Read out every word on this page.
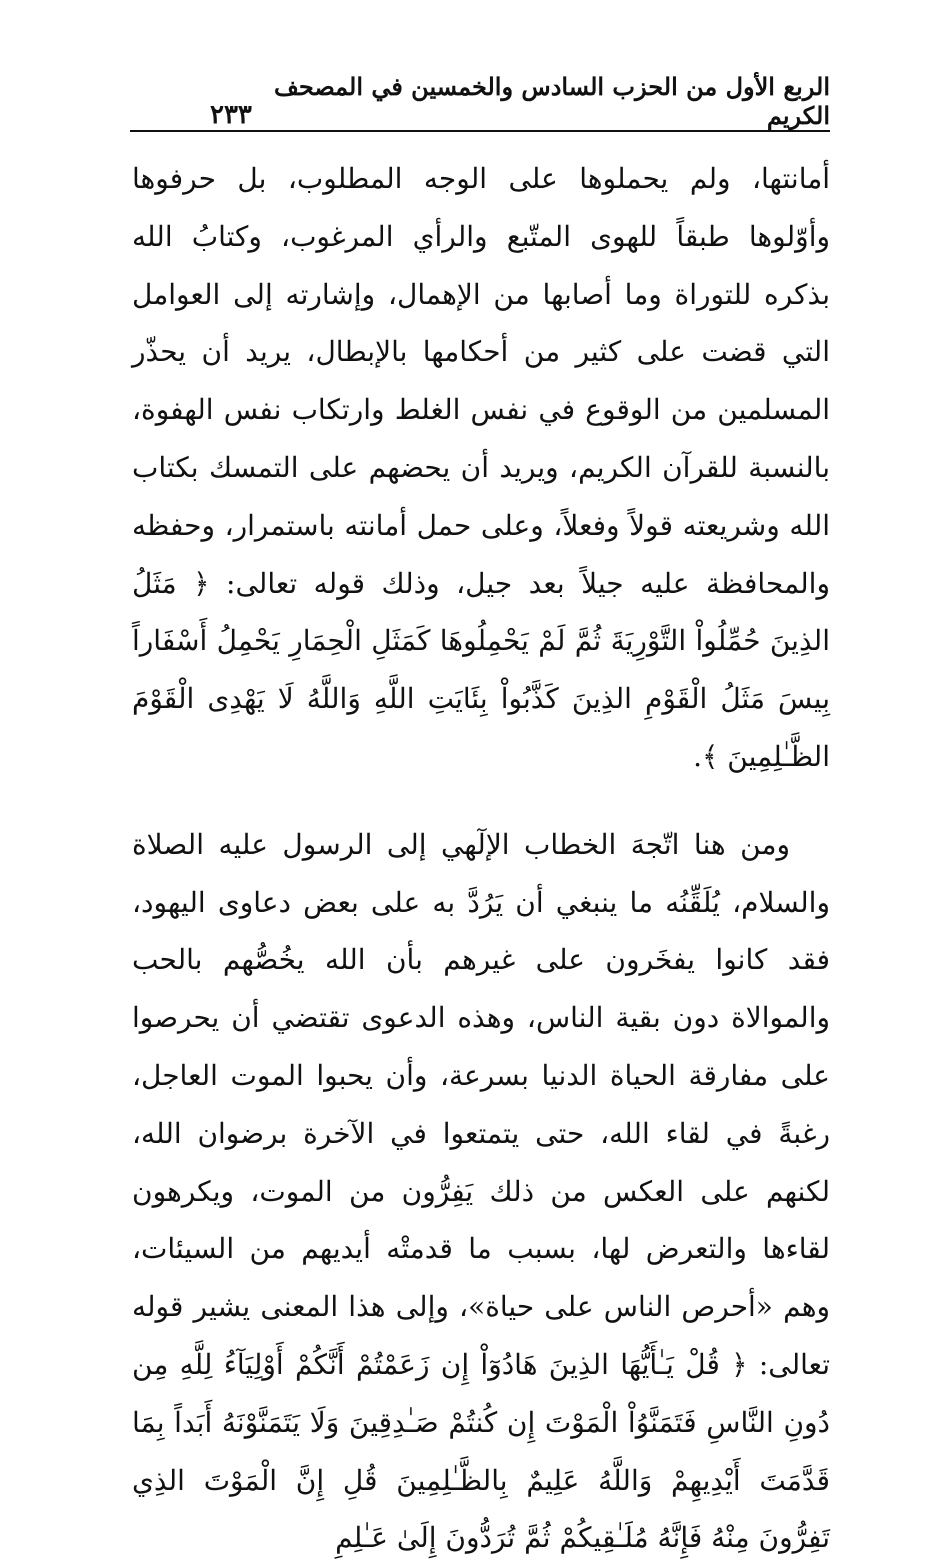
الربع الأول من الحزب السادس والخمسين في المصحف الكريم
٢٣٣

أمانتها، ولم يحملوها على الوجه المطلوب، بل حرفوها وأوّلوها طبقاً للهوى المتّبع والرأي المرغوب، وكتابُ الله بذكره للتوراة وما أصابها من الإهمال، وإشارته إلى العوامل التي قضت على كثير من أحكامها بالإبطال، يريد أن يحذّر المسلمين من الوقوع في نفس الغلط وارتكاب نفس الهفوة، بالنسبة للقرآن الكريم، ويريد أن يحضهم على التمسك بكتاب الله وشريعته قولاً وفعلاً، وعلى حمل أمانته باستمرار، وحفظه والمحافظة عليه جيلاً بعد جيل، وذلك قوله تعالى: ﴿ مَثَلُ الذِينَ حُمِّلُواْ التَّوْرِيَةَ ثُمَّ لَمْ يَحْمِلُوهَا كَمَثَلِ الْحِمَارِ يَحْمِلُ أَسْفَاراً بِيسَ مَثَلُ الْقَوْمِ الذِينَ كَذَّبُواْ بِئَايَتِ اللَّهِ وَاللَّهُ لَا يَهْدِى الْقَوْمَ الظَّـٰلِمِينَ ﴾.

ومن هنا اتّجهَ الخطاب الإلٓهي إلى الرسول عليه الصلاة والسلام، يُلَقِّنُه ما ينبغي أن يَرُدَّ به على بعض دعاوى اليهود، فقد كانوا يفخَرون على غيرهم بأن الله يخُصُّهم بالحب والموالاة دون بقية الناس، وهذه الدعوى تقتضي أن يحرصوا على مفارقة الحياة الدنيا بسرعة، وأن يحبوا الموت العاجل، رغبةً في لقاء الله، حتى يتمتعوا في الآخرة برضوان الله، لكنهم على العكس من ذلك يَفِرُّون من الموت، ويكرهون لقاءها والتعرض لها، بسبب ما قدمتْه أيديهم من السيئات، وهم «أحرص الناس على حياة»، وإلى هذا المعنى يشير قوله تعالى: ﴿ قُلْ يَـٰأَيُّهَا الذِينَ هَادُوٓاْ إِن زَعَمْتُمْ أَنَّكُمْ أَوْلِيَآءُ لِلَّهِ مِن دُونِ النَّاسِ فَتَمَنَّوُاْ الْمَوْتَ إِن كُنتُمْ صَـٰدِقِينَ وَلَا يَتَمَنَّوْنَهُ أَبَداً بِمَا قَدَّمَتَ أَيْدِيهِمْ وَاللَّهُ عَلِيمٌ بِالظَّـٰلِمِينَ قُلِ إِنَّ الْمَوْتَ الذِي تَفِرُّونَ مِنْهُ فَإِنَّهُ مُلَـٰقِيكُمْ ثُمَّ تُرَدُّونَ إِلَىٰ عَـٰلِمِ
